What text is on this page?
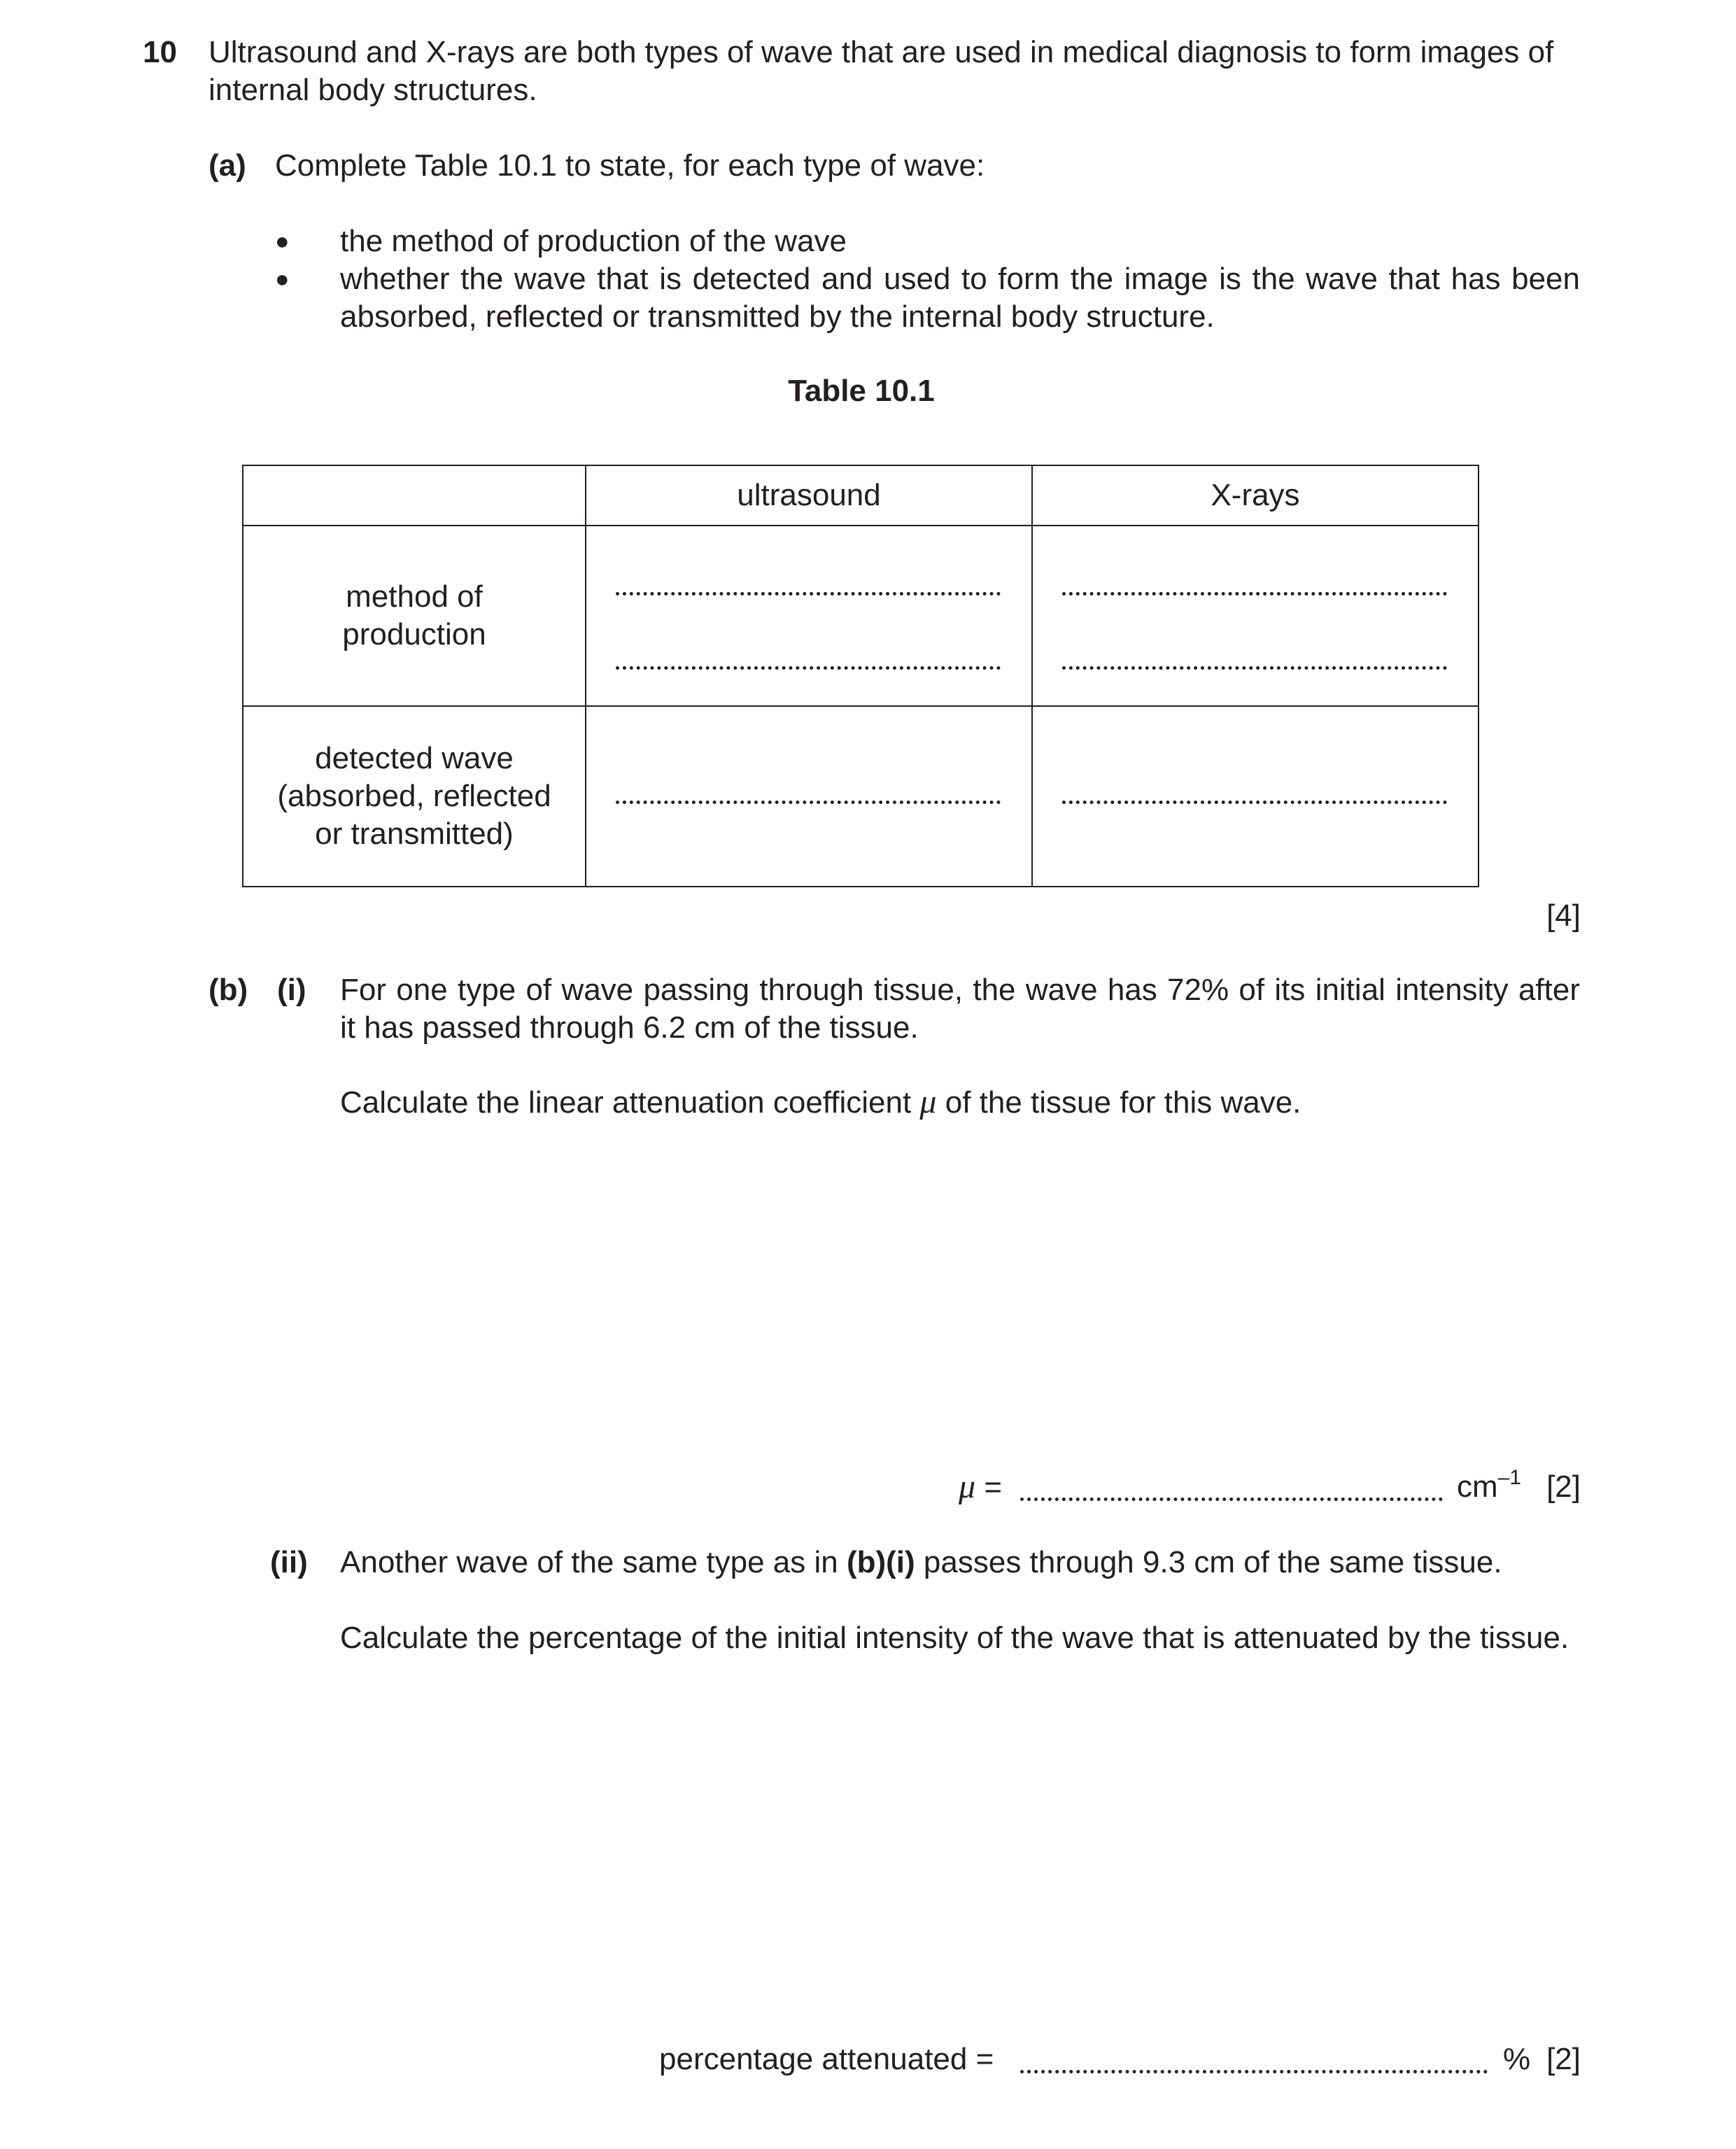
10 Ultrasound and X-rays are both types of wave that are used in medical diagnosis to form images of internal body structures.
(a) Complete Table 10.1 to state, for each type of wave:
● the method of production of the wave
● whether the wave that is detected and used to form the image is the wave that has been absorbed, reflected or transmitted by the internal body structure.
Table 10.1
	ultrasound	X-rays

method of
production		

detected wave
(absorbed, reflected
or transmitted)		

[4]
(b) (i) For one type of wave passing through tissue, the wave has 72% of its initial intensity after it has passed through 6.2 cm of the tissue.
Calculate the linear attenuation coefficient μ of the tissue for this wave.
μ =	$cm^{-1}$ [2]
(ii) Another wave of the same type as in (b)(i) passes through 9.3 cm of the same tissue.
Calculate the percentage of the initial intensity of the wave that is attenuated by the tissue.
percentage attenuated =	% [2]
